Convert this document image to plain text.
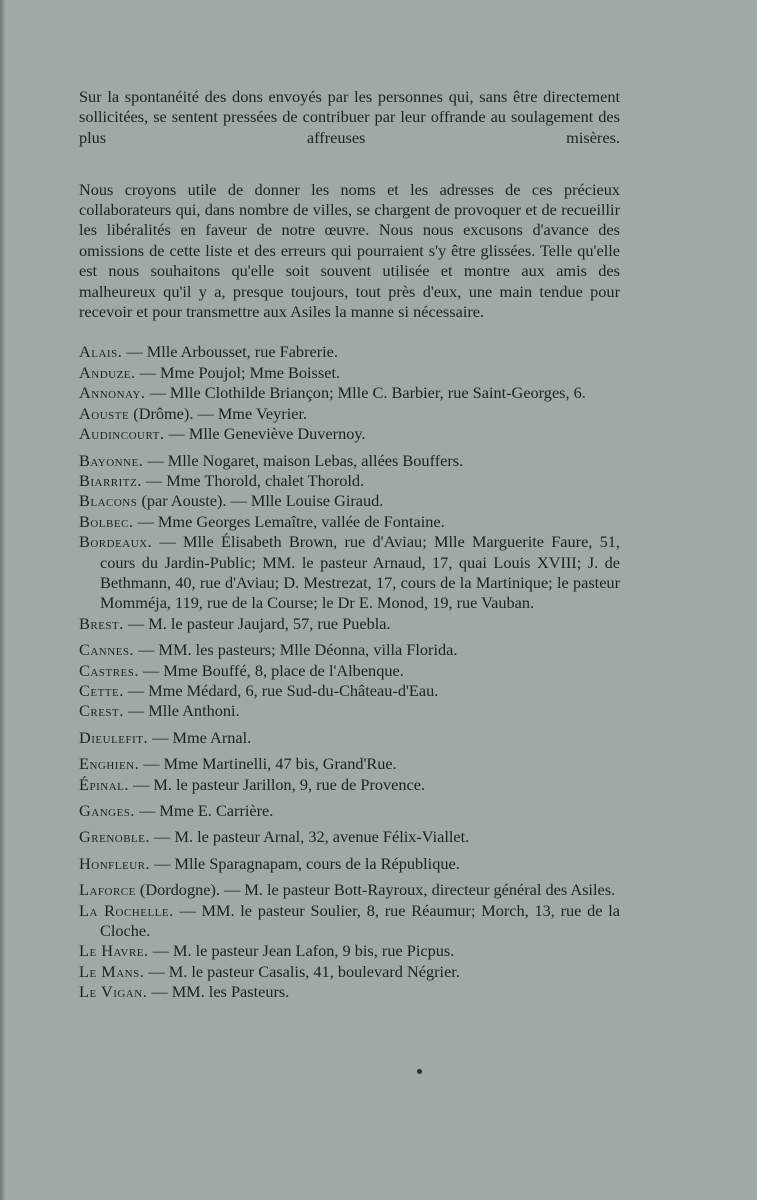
Sur la spontanéité des dons envoyés par les personnes qui, sans être directement sollicitées, se sentent pressées de contribuer par leur offrande au soulagement des plus affreuses misères.

Nous croyons utile de donner les noms et les adresses de ces précieux collaborateurs qui, dans nombre de villes, se chargent de provoquer et de recueillir les libéralités en faveur de notre œuvre. Nous nous excusons d'avance des omissions de cette liste et des erreurs qui pourraient s'y être glissées. Telle qu'elle est nous souhaitons qu'elle soit souvent utilisée et montre aux amis des malheureux qu'il y a, presque toujours, tout près d'eux, une main tendue pour recevoir et pour transmettre aux Asiles la manne si nécessaire.

Alais. — Mlle Arbousset, rue Fabrerie.

Anduze. — Mme Poujol; Mme Boisset.

Annonay. — Mlle Clothilde Briançon; Mlle C. Barbier, rue Saint-Georges, 6.

Aouste (Drôme). — Mme Veyrier.

Audincourt. — Mlle Geneviève Duvernoy.

Bayonne. — Mlle Nogaret, maison Lebas, allées Bouffers.

Biarritz. — Mme Thorold, chalet Thorold.

Blacons (par Aouste). — Mlle Louise Giraud.

Bolbec. — Mme Georges Lemaître, vallée de Fontaine.

Bordeaux. — Mlle Élisabeth Brown, rue d'Aviau; Mlle Marguerite Faure, 51, cours du Jardin-Public; MM. le pasteur Arnaud, 17, quai Louis XVIII; J. de Bethmann, 40, rue d'Aviau; D. Mestrezat, 17, cours de la Martinique; le pasteur Momméja, 119, rue de la Course; le Dr E. Monod, 19, rue Vauban.

Brest. — M. le pasteur Jaujard, 57, rue Puebla.

Cannes. — MM. les pasteurs; Mlle Déonna, villa Florida.

Castres. — Mme Bouffé, 8, place de l'Albenque.

Cette. — Mme Médard, 6, rue Sud-du-Château-d'Eau.

Crest. — Mlle Anthoni.

Dieulefit. — Mme Arnal.

Enghien. — Mme Martinelli, 47 bis, Grand'Rue.

Épinal. — M. le pasteur Jarillon, 9, rue de Provence.

Ganges. — Mme E. Carrière.

Grenoble. — M. le pasteur Arnal, 32, avenue Félix-Viallet.

Honfleur. — Mlle Sparagnapam, cours de la République.

Laforce (Dordogne). — M. le pasteur Bott-Rayroux, directeur général des Asiles.

La Rochelle. — MM. le pasteur Soulier, 8, rue Réaumur; Morch, 13, rue de la Cloche.

Le Havre. — M. le pasteur Jean Lafon, 9 bis, rue Picpus.

Le Mans. — M. le pasteur Casalis, 41, boulevard Négrier.

Le Vigan. — MM. les Pasteurs.
